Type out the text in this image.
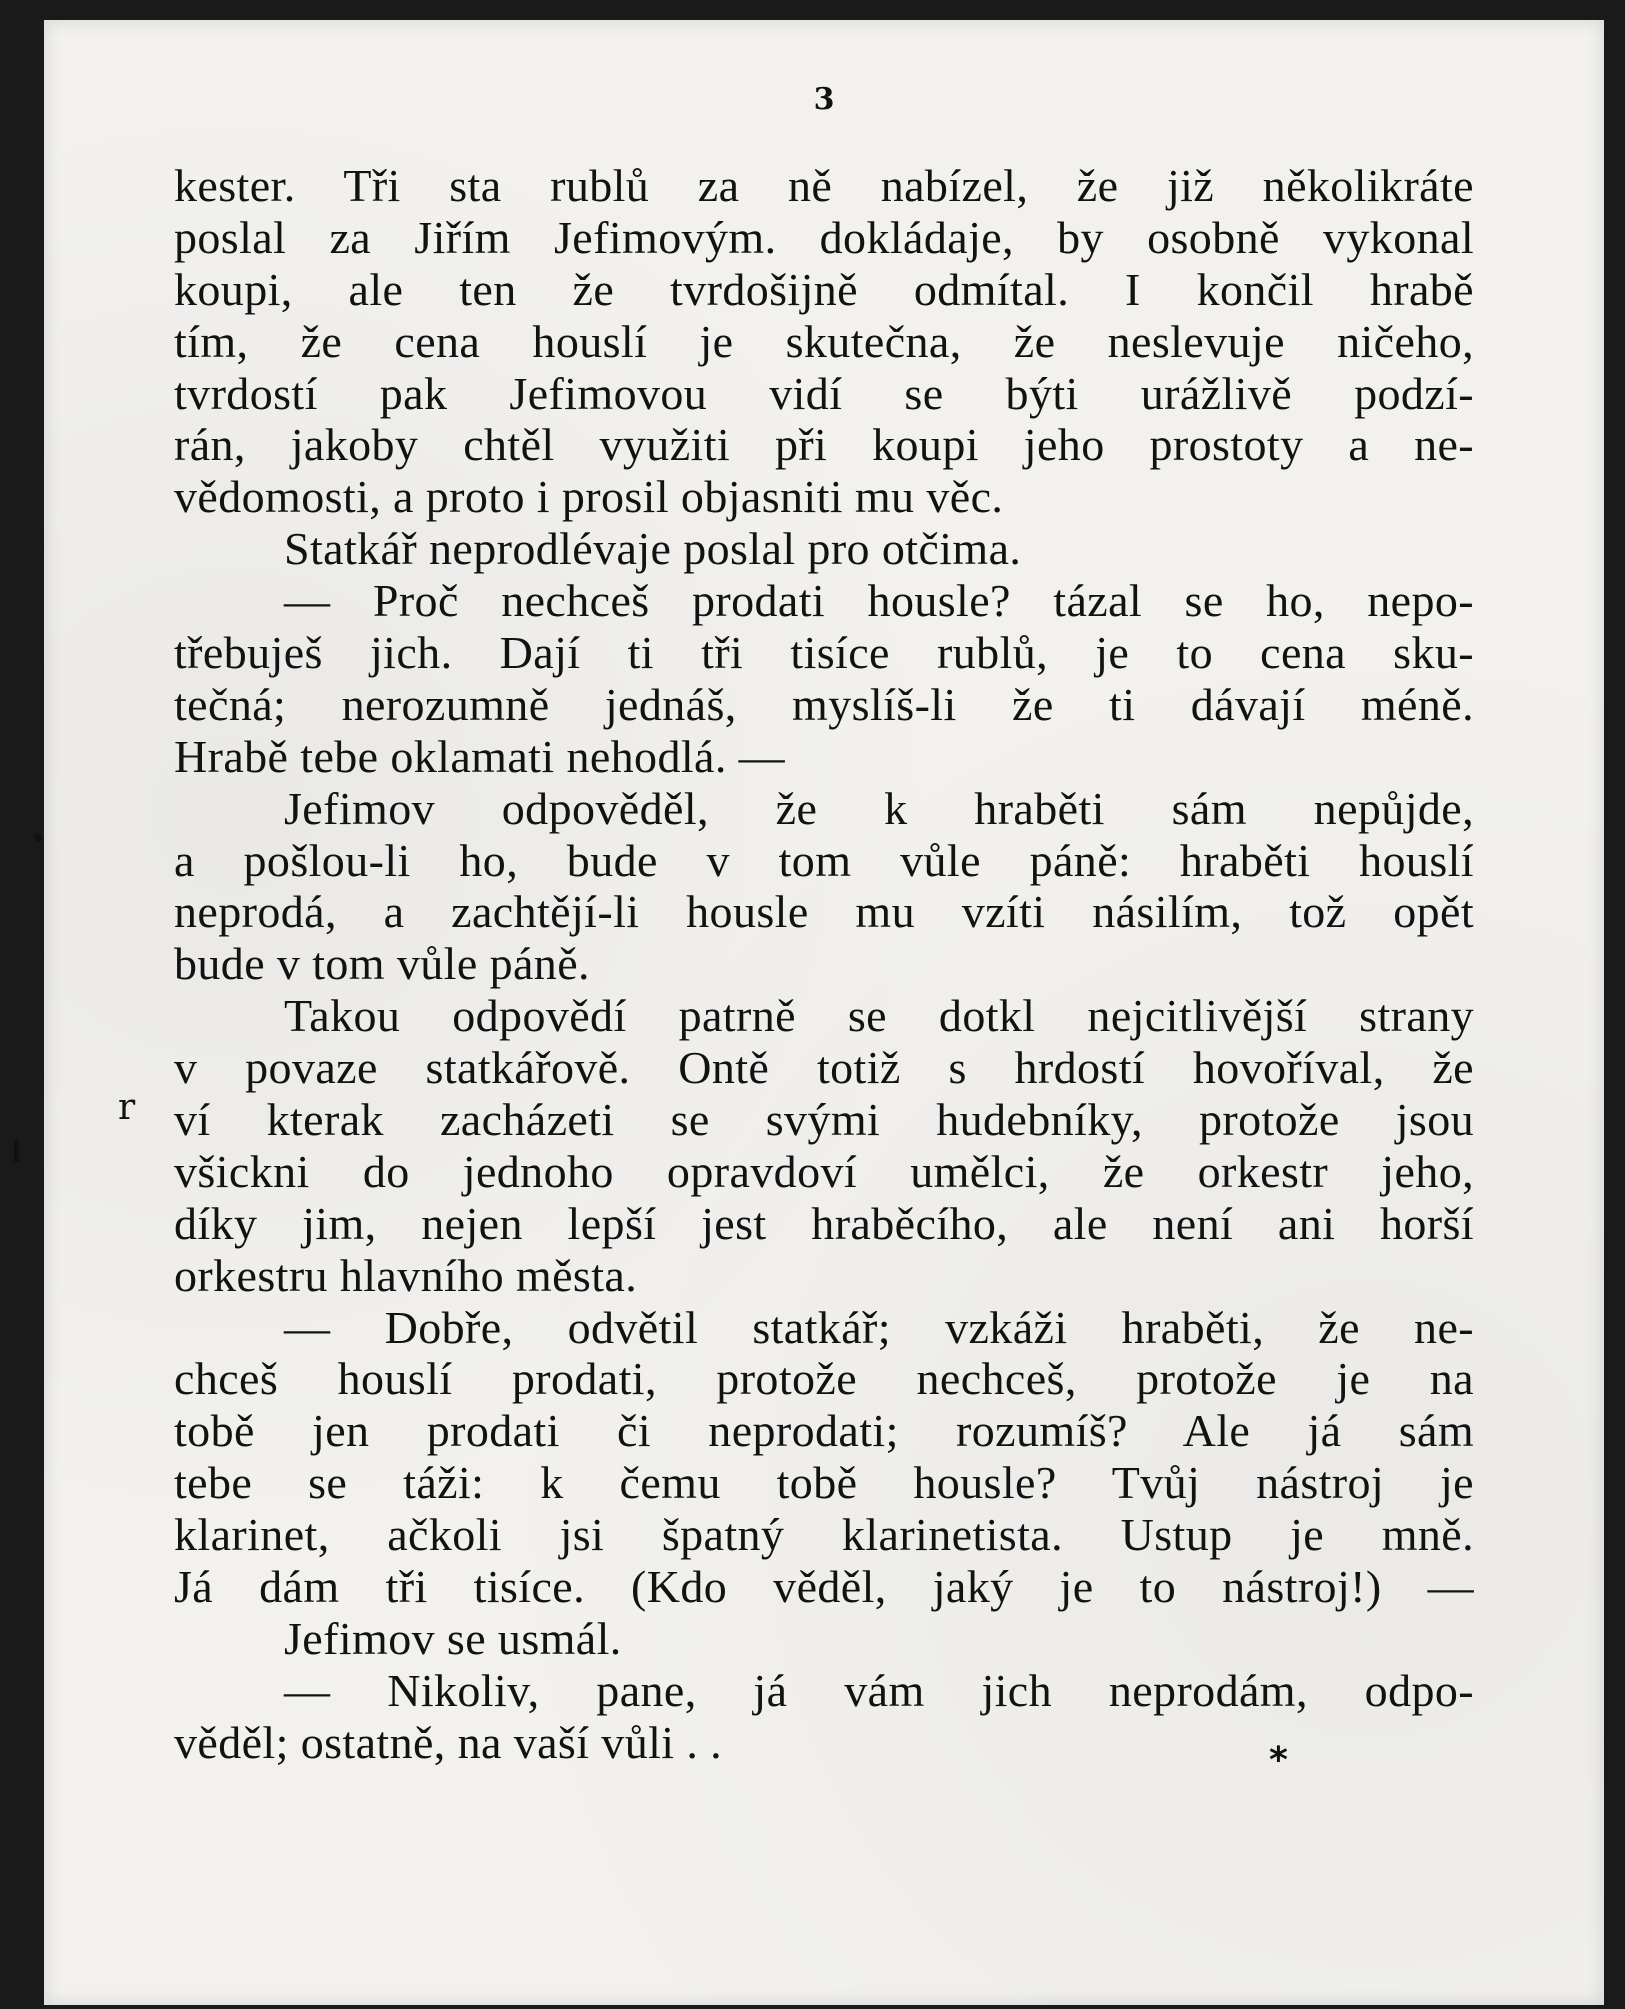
3
kester. Tři sta rublů za ně nabízel, že již několikráte
poslal za Jiřím Jefimovým. dokládaje, by osobně vykonal
koupi, ale ten že tvrdošijně odmítal. I končil hrabě
tím, že cena houslí je skutečna, že neslevuje ničeho,
tvrdostí pak Jefimovou vidí se býti urážlivě podzí-
rán, jakoby chtěl využiti při koupi jeho prostoty a ne-
vědomosti, a proto i prosil objasniti mu věc.
Statkář neprodlévaje poslal pro otčima.
— Proč nechceš prodati housle? tázal se ho, nepo-
třebuješ jich. Dají ti tři tisíce rublů, je to cena sku-
tečná; nerozumně jednáš, myslíš-li že ti dávají méně.
Hrabě tebe oklamati nehodlá. —
Jefimov odpověděl, že k hraběti sám nepůjde,
a pošlou-li ho, bude v tom vůle páně: hraběti houslí
neprodá, a zachtějí-li housle mu vzíti násilím, tož opět
bude v tom vůle páně.
Takou odpovědí patrně se dotkl nejcitlivější strany
v povaze statkářově. Ontě totiž s hrdostí hovoříval, že
ví kterak zacházeti se svými hudebníky, protože jsou
všickni do jednoho opravdoví umělci, že orkestr jeho,
díky jim, nejen lepší jest hraběcího, ale není ani horší
orkestru hlavního města.
— Dobře, odvětil statkář; vzkáži hraběti, že ne-
chceš houslí prodati, protože nechceš, protože je na
tobě jen prodati či neprodati; rozumíš? Ale já sám
tebe se táži: k čemu tobě housle? Tvůj nástroj je
klarinet, ačkoli jsi špatný klarinetista. Ustup je mně.
Já dám tři tisíce. (Kdo věděl, jaký je to nástroj!) —
Jefimov se usmál.
— Nikoliv, pane, já vám jich neprodám, odpo-
věděl; ostatně, na vaší vůli . .	*
•
r
